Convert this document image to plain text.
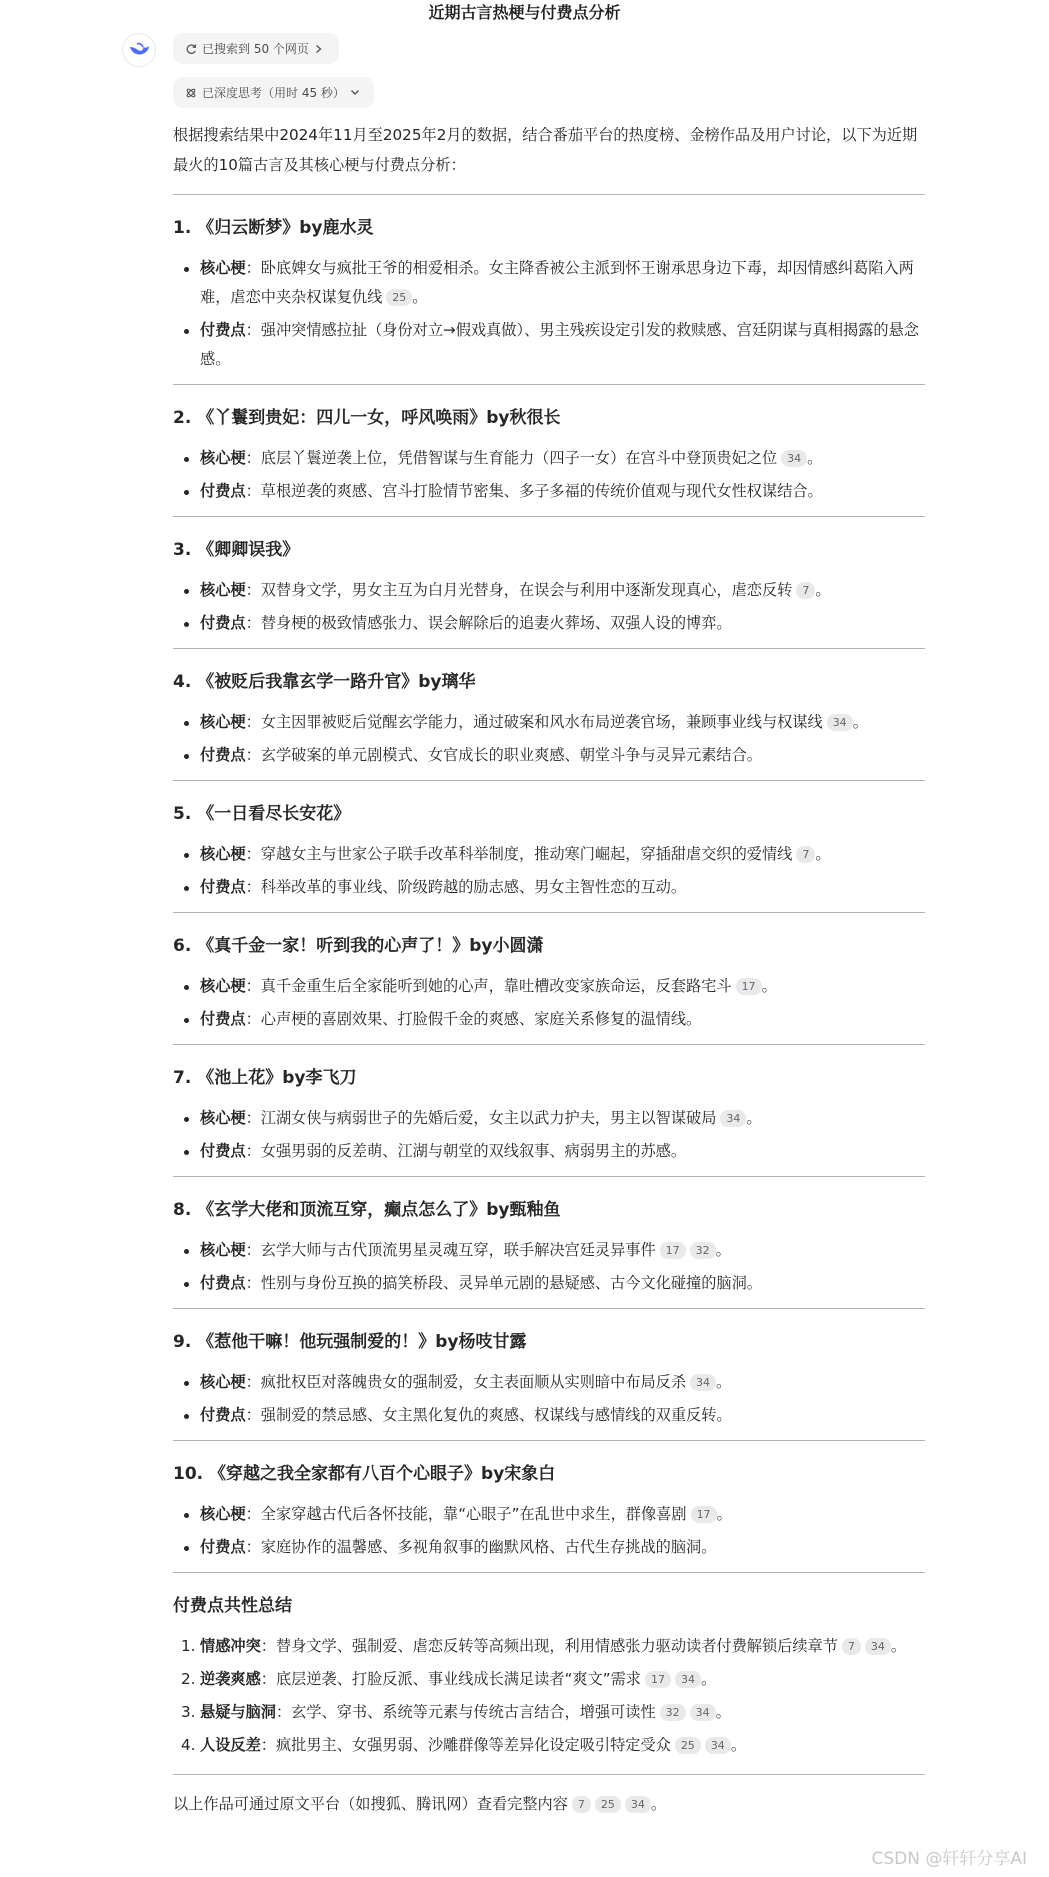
近期古言热梗与付费点分析
已搜索到 50 个网页
已深度思考（用时 45 秒）

根据搜索结果中2024年11月至2025年2月的数据，结合番茄平台的热度榜、金榜作品及用户讨论，以下为近期最火的10篇古言及其核心梗与付费点分析：

1. 《归云断梦》by鹿水灵
核心梗：卧底婢女与疯批王爷的相爱相杀。女主降香被公主派到怀王谢承思身边下毒，却因情感纠葛陷入两难，虐恋中夹杂权谋复仇线 25 。
付费点：强冲突情感拉扯（身份对立→假戏真做）、男主残疾设定引发的救赎感、宫廷阴谋与真相揭露的悬念感。
2. 《丫鬟到贵妃：四儿一女，呼风唤雨》by秋很长
核心梗：底层丫鬟逆袭上位，凭借智谋与生育能力（四子一女）在宫斗中登顶贵妃之位 34 。
付费点：草根逆袭的爽感、宫斗打脸情节密集、多子多福的传统价值观与现代女性权谋结合。
3. 《卿卿误我》
核心梗：双替身文学，男女主互为白月光替身，在误会与利用中逐渐发现真心，虐恋反转 7 。
付费点：替身梗的极致情感张力、误会解除后的追妻火葬场、双强人设的博弈。
4. 《被贬后我靠玄学一路升官》by璃华
核心梗：女主因罪被贬后觉醒玄学能力，通过破案和风水布局逆袭官场，兼顾事业线与权谋线 34 。
付费点：玄学破案的单元剧模式、女官成长的职业爽感、朝堂斗争与灵异元素结合。
5. 《一日看尽长安花》
核心梗：穿越女主与世家公子联手改革科举制度，推动寒门崛起，穿插甜虐交织的爱情线 7 。
付费点：科举改革的事业线、阶级跨越的励志感、男女主智性恋的互动。
6. 《真千金一家！听到我的心声了！》by小圆潇
核心梗：真千金重生后全家能听到她的心声，靠吐槽改变家族命运，反套路宅斗 17 。
付费点：心声梗的喜剧效果、打脸假千金的爽感、家庭关系修复的温情线。
7. 《池上花》by李飞刀
核心梗：江湖女侠与病弱世子的先婚后爱，女主以武力护夫，男主以智谋破局 34 。
付费点：女强男弱的反差萌、江湖与朝堂的双线叙事、病弱男主的苏感。
8. 《玄学大佬和顶流互穿，癫点怎么了》by甄釉鱼
核心梗：玄学大师与古代顶流男星灵魂互穿，联手解决宫廷灵异事件 17 32 。
付费点：性别与身份互换的搞笑桥段、灵异单元剧的悬疑感、古今文化碰撞的脑洞。
9. 《惹他干嘛！他玩强制爱的！》by杨吱甘露
核心梗：疯批权臣对落魄贵女的强制爱，女主表面顺从实则暗中布局反杀 34 。
付费点：强制爱的禁忌感、女主黑化复仇的爽感、权谋线与感情线的双重反转。
10. 《穿越之我全家都有八百个心眼子》by宋象白
核心梗：全家穿越古代后各怀技能，靠“心眼子”在乱世中求生，群像喜剧 17 。
付费点：家庭协作的温馨感、多视角叙事的幽默风格、古代生存挑战的脑洞。
付费点共性总结
1. 情感冲突：替身文学、强制爱、虐恋反转等高频出现，利用情感张力驱动读者付费解锁后续章节 7 34 。
2. 逆袭爽感：底层逆袭、打脸反派、事业线成长满足读者“爽文”需求 17 34 。
3. 悬疑与脑洞：玄学、穿书、系统等元素与传统古言结合，增强可读性 32 34 。
4. 人设反差：疯批男主、女强男弱、沙雕群像等差异化设定吸引特定受众 25 34 。

以上作品可通过原文平台（如搜狐、腾讯网）查看完整内容 7 25 34 。

CSDN @轩轩分享AI
